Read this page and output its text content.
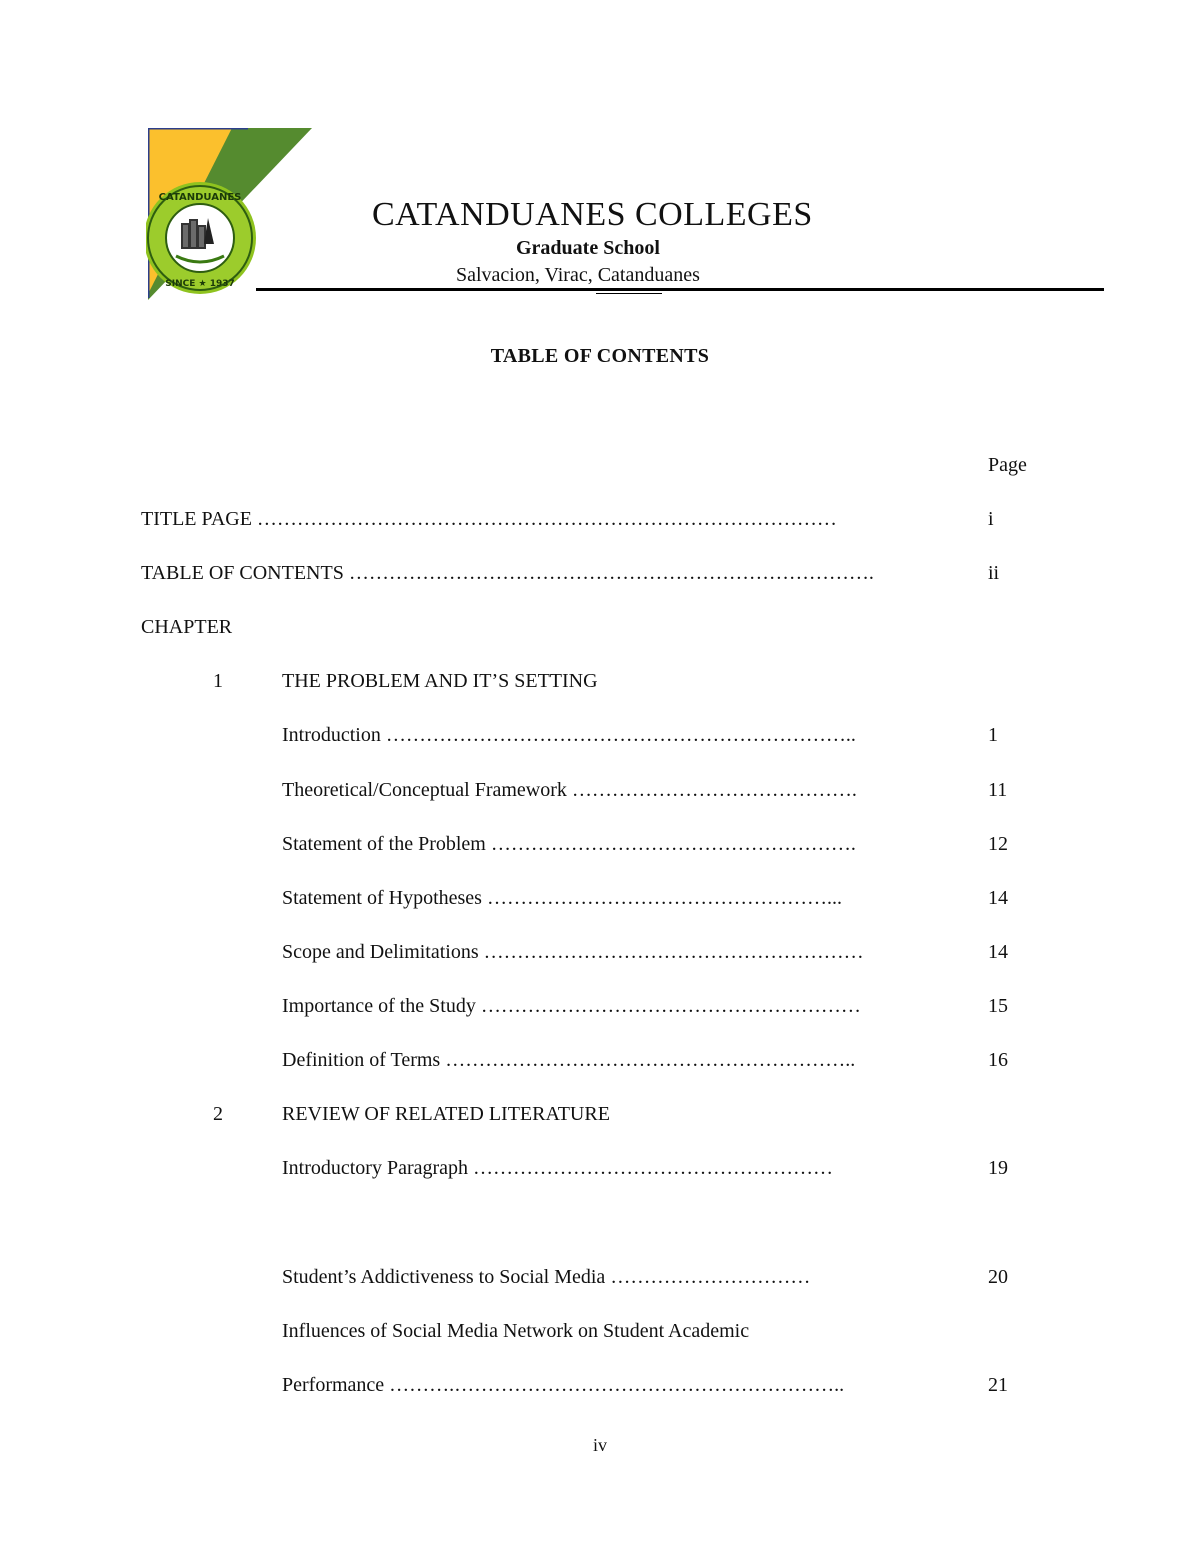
CATANDUANES
SINCE ★ 1937
CATANDUANES COLLEGES
Graduate School
Salvacion, Virac, Catanduanes
TABLE OF CONTENTS
Page
TITLE PAGE ……………………………………………………………………………	i
TABLE OF CONTENTS …………………………………………………………………….	ii
CHAPTER
1	THE PROBLEM AND IT’S SETTING
Introduction ……………………………………………………………..	1
Theoretical/Conceptual Framework …………………………………….	11
Statement of the Problem ……………………………………………….	12
Statement of Hypotheses ……………………………………………...	14
Scope and Delimitations …………………………………………………	14
Importance of the Study …………………………………………………	15
Definition of Terms ……………………………………………………..	16
2	REVIEW OF RELATED LITERATURE
Introductory Paragraph ………………………………………………	19
Student’s Addictiveness to Social Media …………………………	20
Influences of Social Media Network on Student Academic
Performance ……….…………………………………………………..	21
iv
